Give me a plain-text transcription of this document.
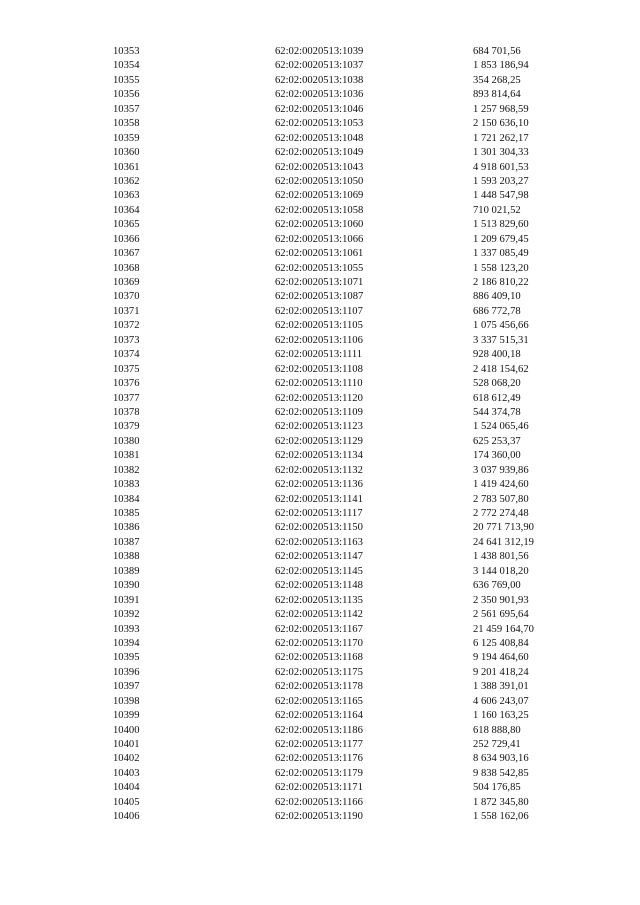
10353	62:02:0020513:1039	684 701,56
10354	62:02:0020513:1037	1 853 186,94
10355	62:02:0020513:1038	354 268,25
10356	62:02:0020513:1036	893 814,64
10357	62:02:0020513:1046	1 257 968,59
10358	62:02:0020513:1053	2 150 636,10
10359	62:02:0020513:1048	1 721 262,17
10360	62:02:0020513:1049	1 301 304,33
10361	62:02:0020513:1043	4 918 601,53
10362	62:02:0020513:1050	1 593 203,27
10363	62:02:0020513:1069	1 448 547,98
10364	62:02:0020513:1058	710 021,52
10365	62:02:0020513:1060	1 513 829,60
10366	62:02:0020513:1066	1 209 679,45
10367	62:02:0020513:1061	1 337 085,49
10368	62:02:0020513:1055	1 558 123,20
10369	62:02:0020513:1071	2 186 810,22
10370	62:02:0020513:1087	886 409,10
10371	62:02:0020513:1107	686 772,78
10372	62:02:0020513:1105	1 075 456,66
10373	62:02:0020513:1106	3 337 515,31
10374	62:02:0020513:1111	928 400,18
10375	62:02:0020513:1108	2 418 154,62
10376	62:02:0020513:1110	528 068,20
10377	62:02:0020513:1120	618 612,49
10378	62:02:0020513:1109	544 374,78
10379	62:02:0020513:1123	1 524 065,46
10380	62:02:0020513:1129	625 253,37
10381	62:02:0020513:1134	174 360,00
10382	62:02:0020513:1132	3 037 939,86
10383	62:02:0020513:1136	1 419 424,60
10384	62:02:0020513:1141	2 783 507,80
10385	62:02:0020513:1117	2 772 274,48
10386	62:02:0020513:1150	20 771 713,90
10387	62:02:0020513:1163	24 641 312,19
10388	62:02:0020513:1147	1 438 801,56
10389	62:02:0020513:1145	3 144 018,20
10390	62:02:0020513:1148	636 769,00
10391	62:02:0020513:1135	2 350 901,93
10392	62:02:0020513:1142	2 561 695,64
10393	62:02:0020513:1167	21 459 164,70
10394	62:02:0020513:1170	6 125 408,84
10395	62:02:0020513:1168	9 194 464,60
10396	62:02:0020513:1175	9 201 418,24
10397	62:02:0020513:1178	1 388 391,01
10398	62:02:0020513:1165	4 606 243,07
10399	62:02:0020513:1164	1 160 163,25
10400	62:02:0020513:1186	618 888,80
10401	62:02:0020513:1177	252 729,41
10402	62:02:0020513:1176	8 634 903,16
10403	62:02:0020513:1179	9 838 542,85
10404	62:02:0020513:1171	504 176,85
10405	62:02:0020513:1166	1 872 345,80
10406	62:02:0020513:1190	1 558 162,06
